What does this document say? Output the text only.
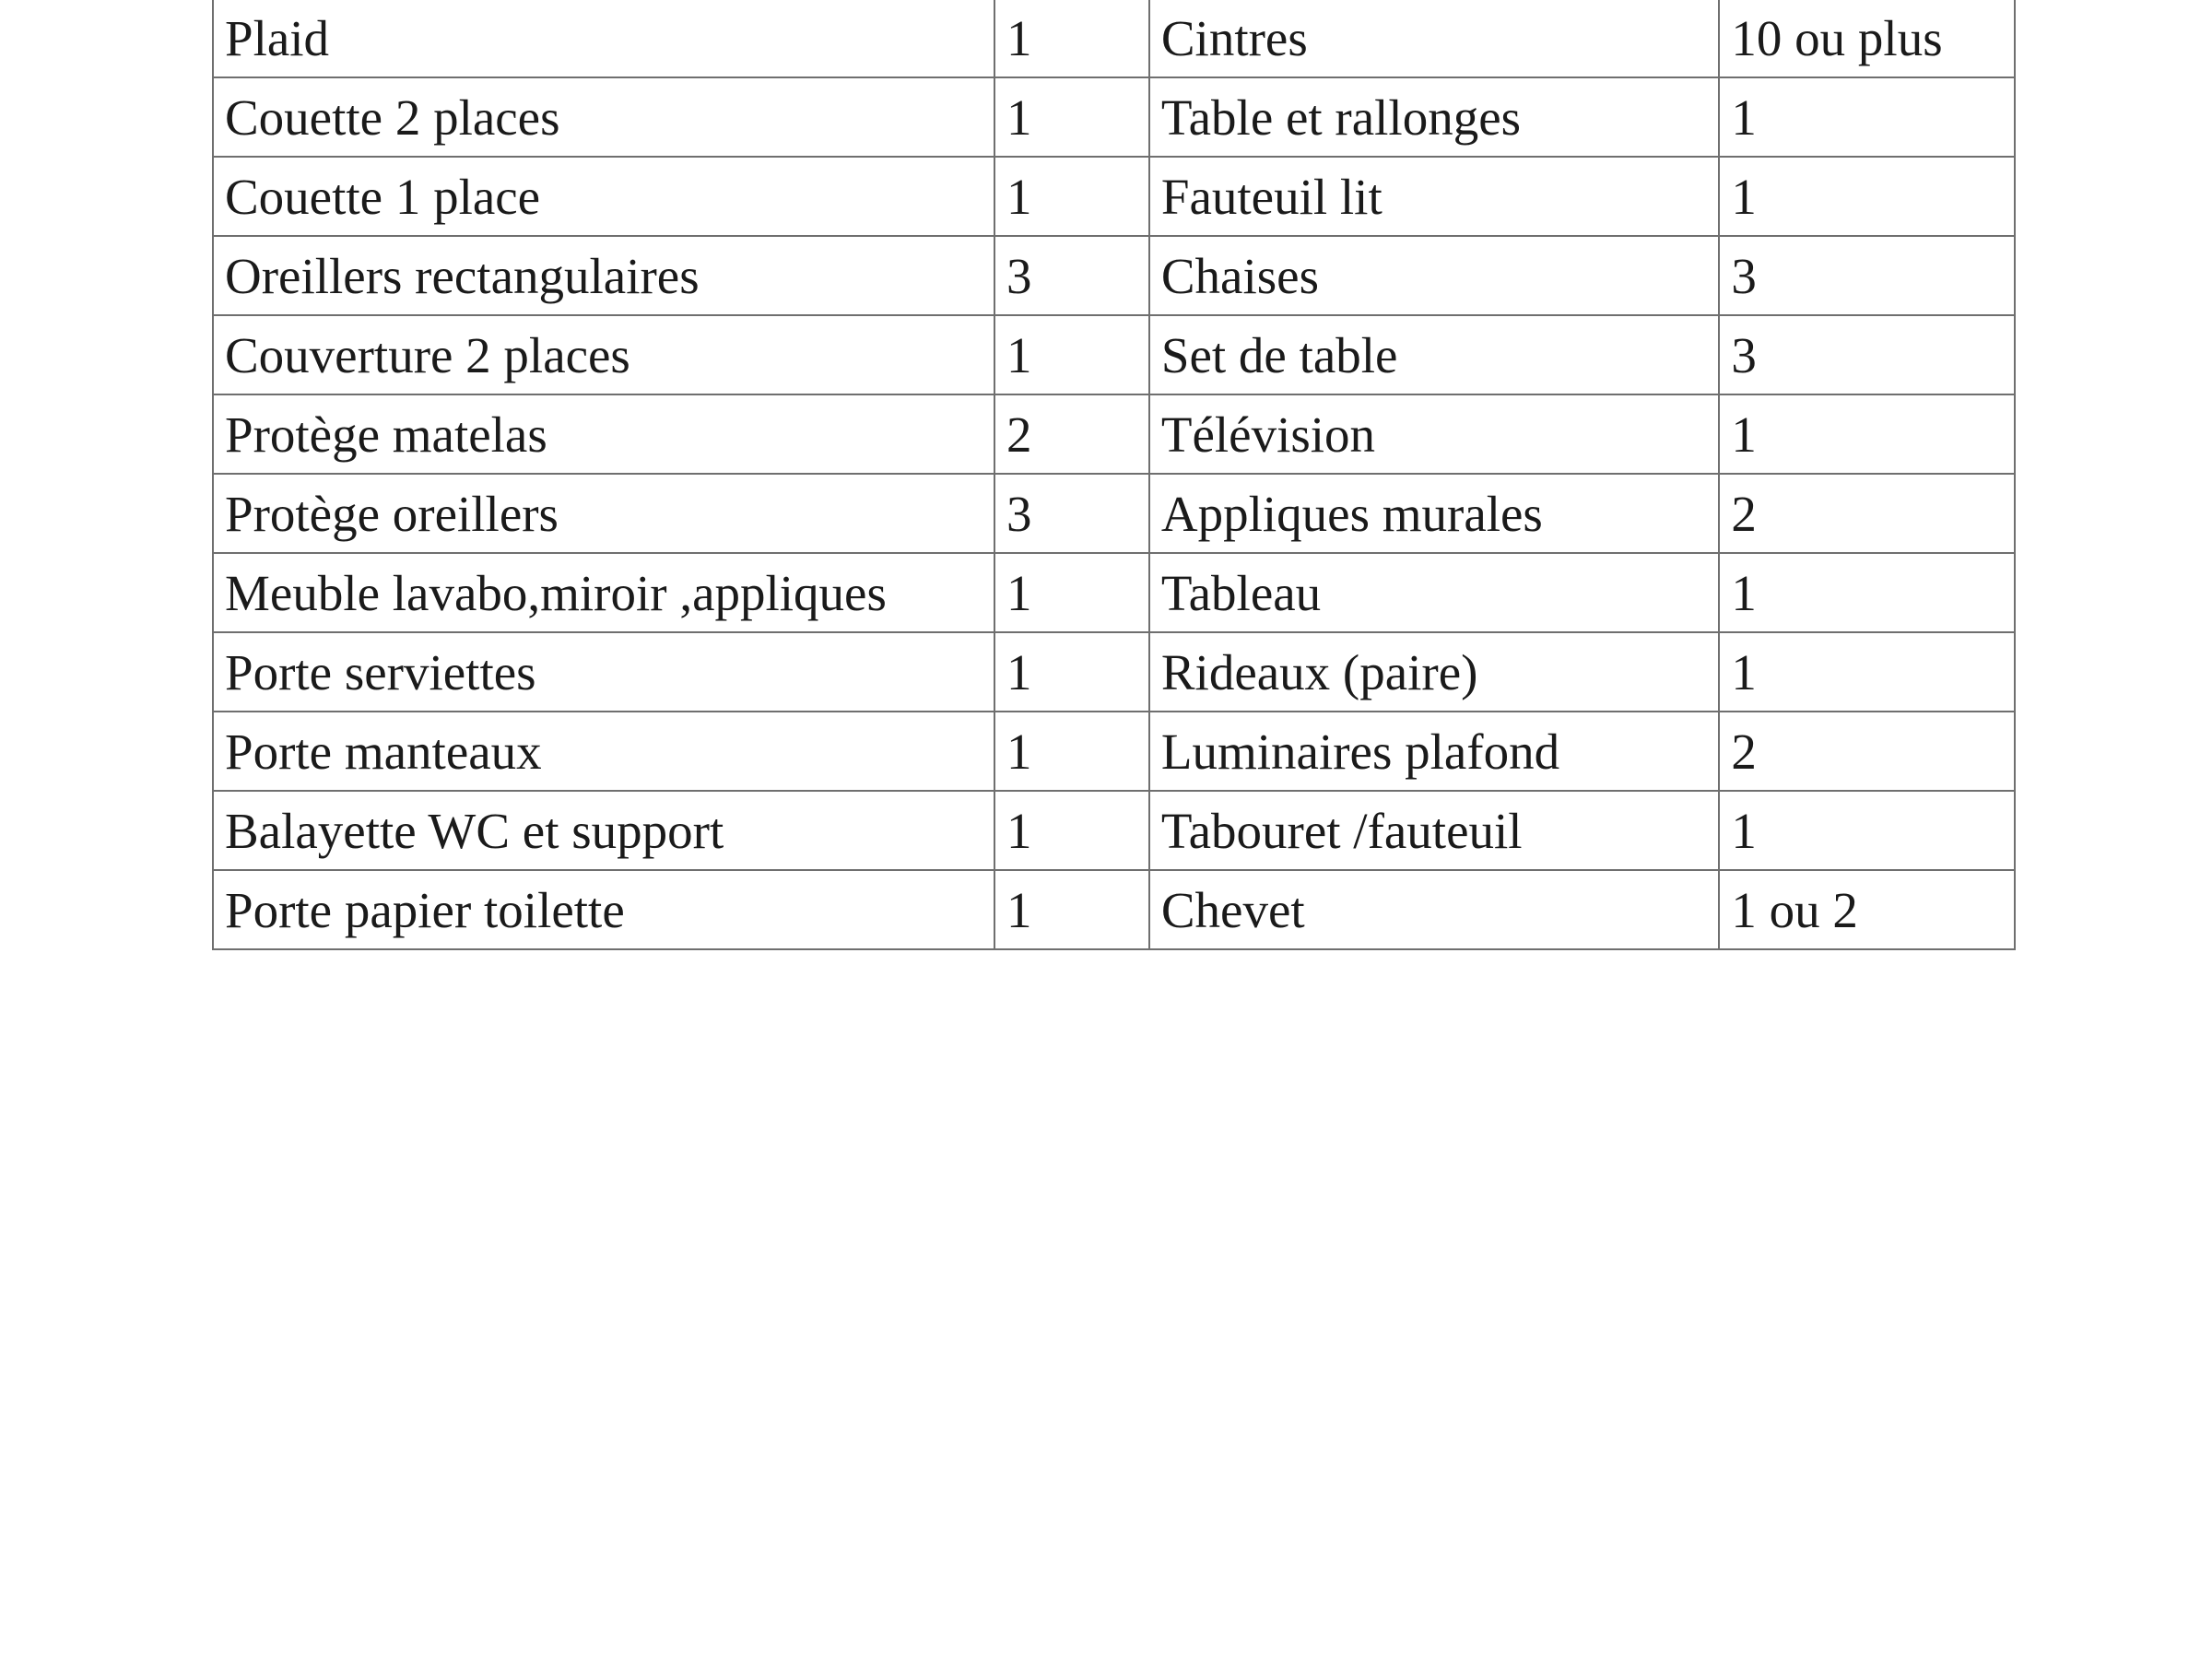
Plaid	1	Cintres	10 ou plus
Couette 2 places	1	Table et rallonges	1
Couette 1 place	1	Fauteuil lit	1
Oreillers rectangulaires	3	Chaises	3
Couverture 2 places	1	Set de table	3
Protège matelas	2	Télévision	1
Protège oreillers	3	Appliques murales	2
Meuble lavabo,miroir ,appliques	1	Tableau	1
Porte serviettes	1	Rideaux (paire)	1
Porte manteaux	1	Luminaires plafond	2
Balayette WC et support	1	Tabouret /fauteuil	1
Porte papier toilette	1	Chevet	1 ou 2
